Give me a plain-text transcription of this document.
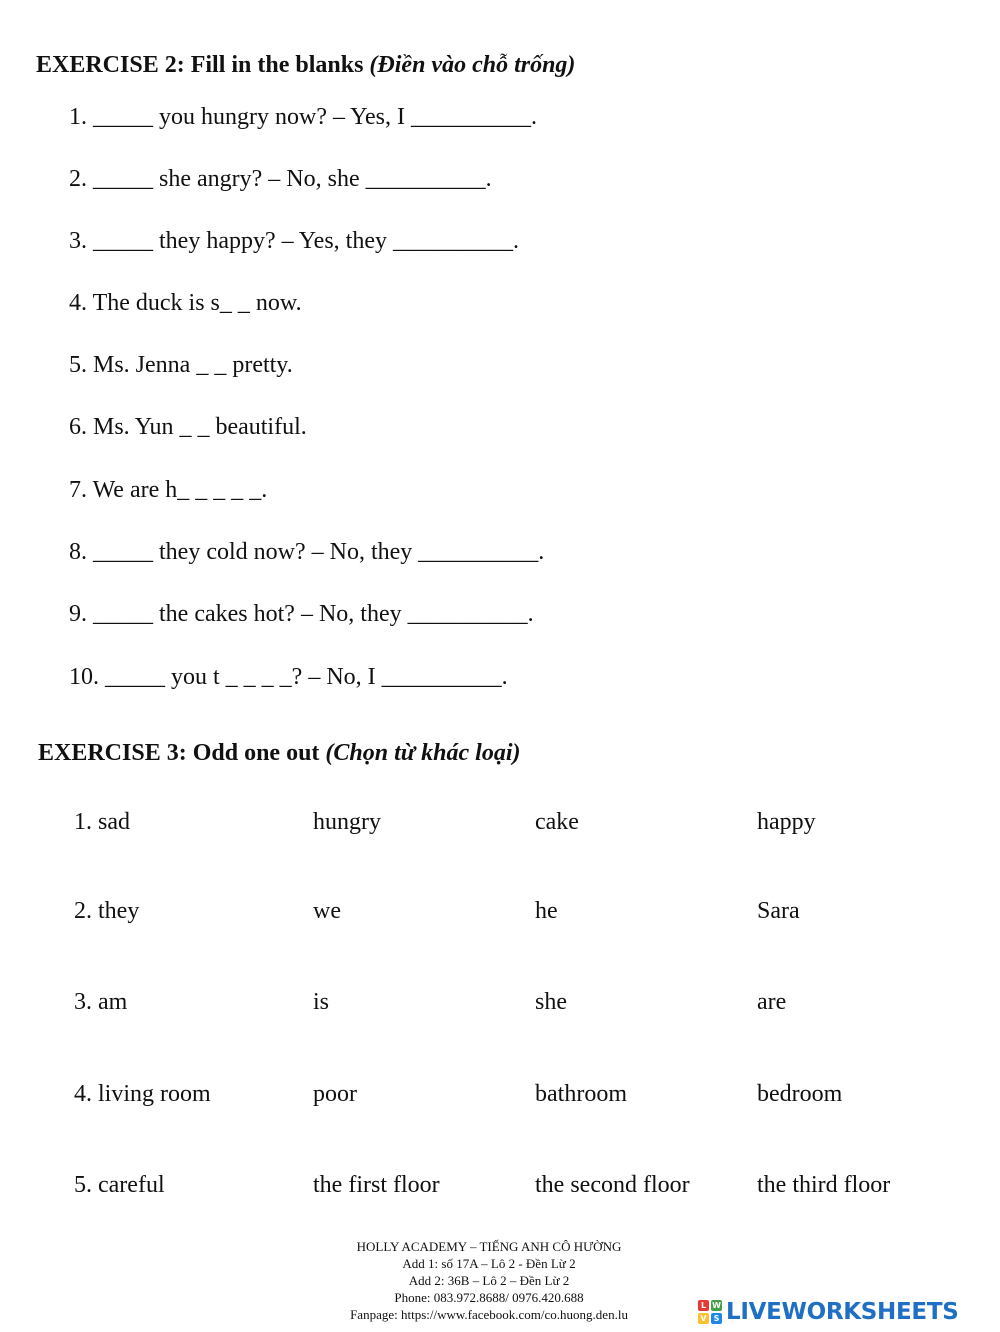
EXERCISE 2: Fill in the blanks (Điền vào chỗ trống)
1. _____ you hungry now? – Yes, I __________.
2. _____ she angry? – No, she __________.
3. _____ they happy? – Yes, they __________.
4. The duck is s_ _ now.
5. Ms. Jenna _ _ pretty.
6. Ms. Yun _ _ beautiful.
7. We are h_ _ _ _ _.
8. _____ they cold now? – No, they __________.
9. _____ the cakes hot? – No, they __________.
10. _____ you t _ _ _ _? – No, I __________.
EXERCISE 3: Odd one out (Chọn từ khác loại)
1. sad	hungry	cake	happy
2. they	we	he	Sara
3. am	is	she	are
4. living room	poor	bathroom	bedroom
5. careful	the first floor	the second floor	the third floor
HOLLY ACADEMY – TIẾNG ANH CÔ HƯỜNG
Add 1: số 17A – Lô 2 - Đền Lừ 2
Add 2: 36B – Lô 2 – Đền Lừ 2
Phone: 083.972.8688/ 0976.420.688
Fanpage: https://www.facebook.com/co.huong.den.lu
L W
V S LIVEWORKSHEETS
